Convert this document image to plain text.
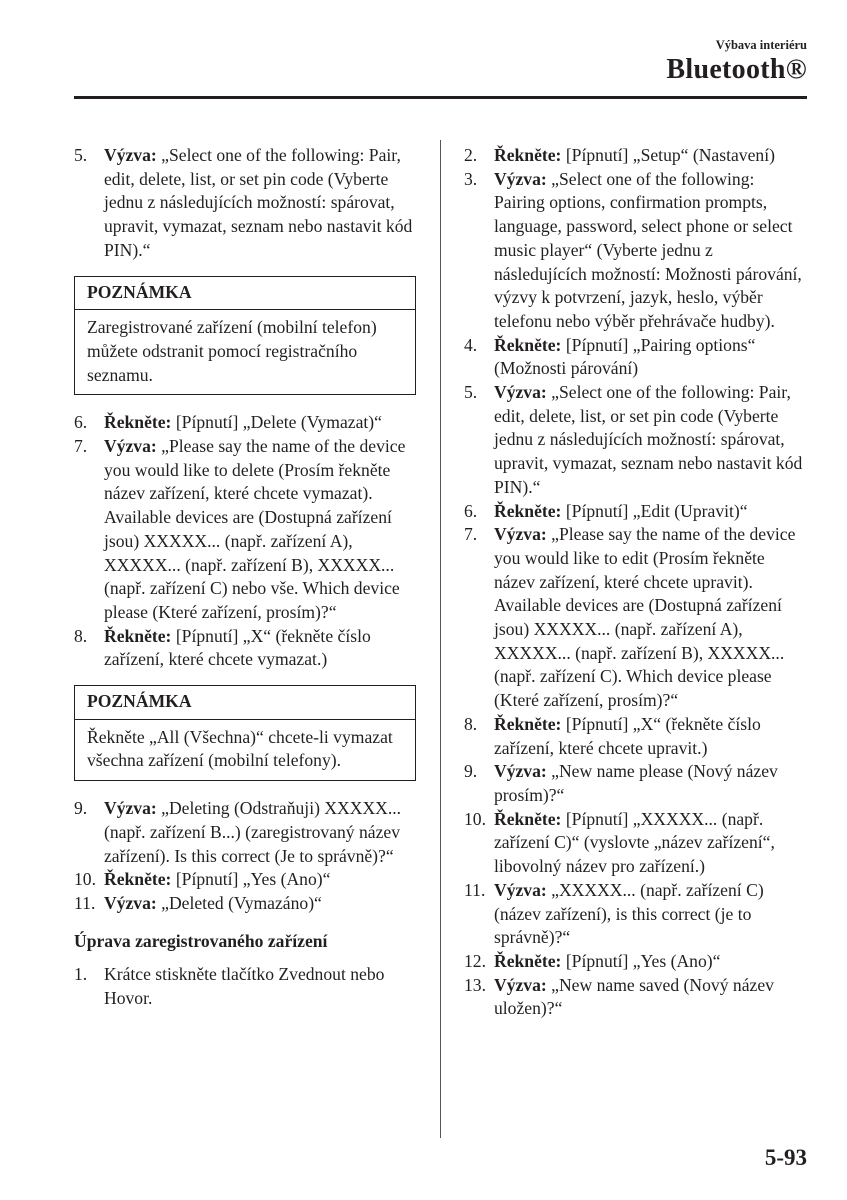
Výbava interiéru
Bluetooth®
5. Výzva: „Select one of the following: Pair, edit, delete, list, or set pin code (Vyberte jednu z následujících možností: spárovat, upravit, vymazat, seznam nebo nastavit kód PIN).“
POZNÁMKA
Zaregistrované zařízení (mobilní telefon) můžete odstranit pomocí registračního seznamu.
6. Řekněte: [Pípnutí] „Delete (Vymazat)“
7. Výzva: „Please say the name of the device you would like to delete (Prosím řekněte název zařízení, které chcete vymazat). Available devices are (Dostupná zařízení jsou) XXXXX... (např. zařízení A), XXXXX... (např. zařízení B), XXXXX... (např. zařízení C) nebo vše. Which device please (Které zařízení, prosím)?“
8. Řekněte: [Pípnutí] „X“ (řekněte číslo zařízení, které chcete vymazat.)
POZNÁMKA
Řekněte „All (Všechna)“ chcete-li vymazat všechna zařízení (mobilní telefony).
9. Výzva: „Deleting (Odstraňuji) XXXXX... (např. zařízení B...) (zaregistrovaný název zařízení). Is this correct (Je to správně)?“
10. Řekněte: [Pípnutí] „Yes (Ano)“
11. Výzva: „Deleted (Vymazáno)“
Úprava zaregistrovaného zařízení
1. Krátce stiskněte tlačítko Zvednout nebo Hovor.
2. Řekněte: [Pípnutí] „Setup“ (Nastavení)
3. Výzva: „Select one of the following: Pairing options, confirmation prompts, language, password, select phone or select music player“ (Vyberte jednu z následujících možností: Možnosti párování, výzvy k potvrzení, jazyk, heslo, výběr telefonu nebo výběr přehrávače hudby).
4. Řekněte: [Pípnutí] „Pairing options“ (Možnosti párování)
5. Výzva: „Select one of the following: Pair, edit, delete, list, or set pin code (Vyberte jednu z následujících možností: spárovat, upravit, vymazat, seznam nebo nastavit kód PIN).“
6. Řekněte: [Pípnutí] „Edit (Upravit)“
7. Výzva: „Please say the name of the device you would like to edit (Prosím řekněte název zařízení, které chcete upravit). Available devices are (Dostupná zařízení jsou) XXXXX... (např. zařízení A), XXXXX... (např. zařízení B), XXXXX... (např. zařízení C). Which device please (Které zařízení, prosím)?“
8. Řekněte: [Pípnutí] „X“ (řekněte číslo zařízení, které chcete upravit.)
9. Výzva: „New name please (Nový název prosím)?“
10. Řekněte: [Pípnutí] „XXXXX... (např. zařízení C)“ (vyslovte „název zařízení“, libovolný název pro zařízení.)
11. Výzva: „XXXXX... (např. zařízení C) (název zařízení), is this correct (je to správně)?“
12. Řekněte: [Pípnutí] „Yes (Ano)“
13. Výzva: „New name saved (Nový název uložen)?“
5-93
